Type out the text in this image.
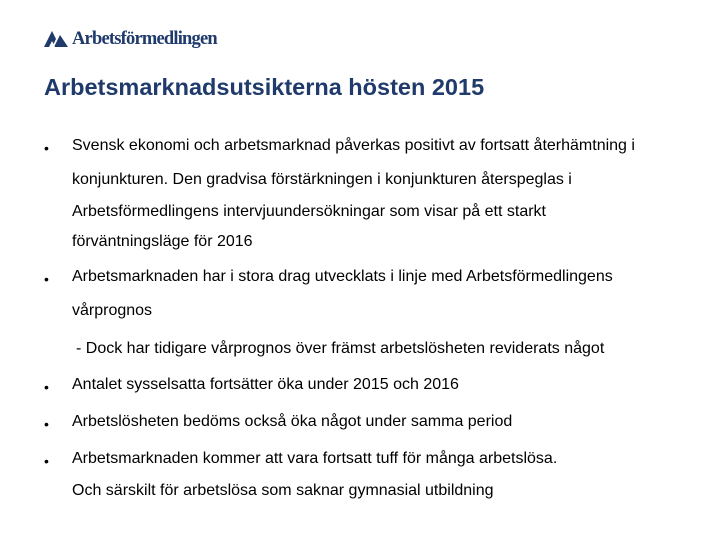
Arbetsförmedlingen
Arbetsmarknadsutsikterna hösten 2015
• Svensk ekonomi och arbetsmarknad påverkas positivt av fortsatt återhämtning i
konjunkturen. Den gradvisa förstärkningen i konjunkturen återspeglas i
Arbetsförmedlingens intervjuundersökningar som visar på ett starkt
förväntningsläge för 2016
• Arbetsmarknaden har i stora drag utvecklats i linje med Arbetsförmedlingens
vårprognos
- Dock har tidigare vårprognos över främst arbetslösheten reviderats något
• Antalet sysselsatta fortsätter öka under 2015 och 2016
• Arbetslösheten bedöms också öka något under samma period
• Arbetsmarknaden kommer att vara fortsatt tuff för många arbetslösa.
Och särskilt för arbetslösa som saknar gymnasial utbildning
